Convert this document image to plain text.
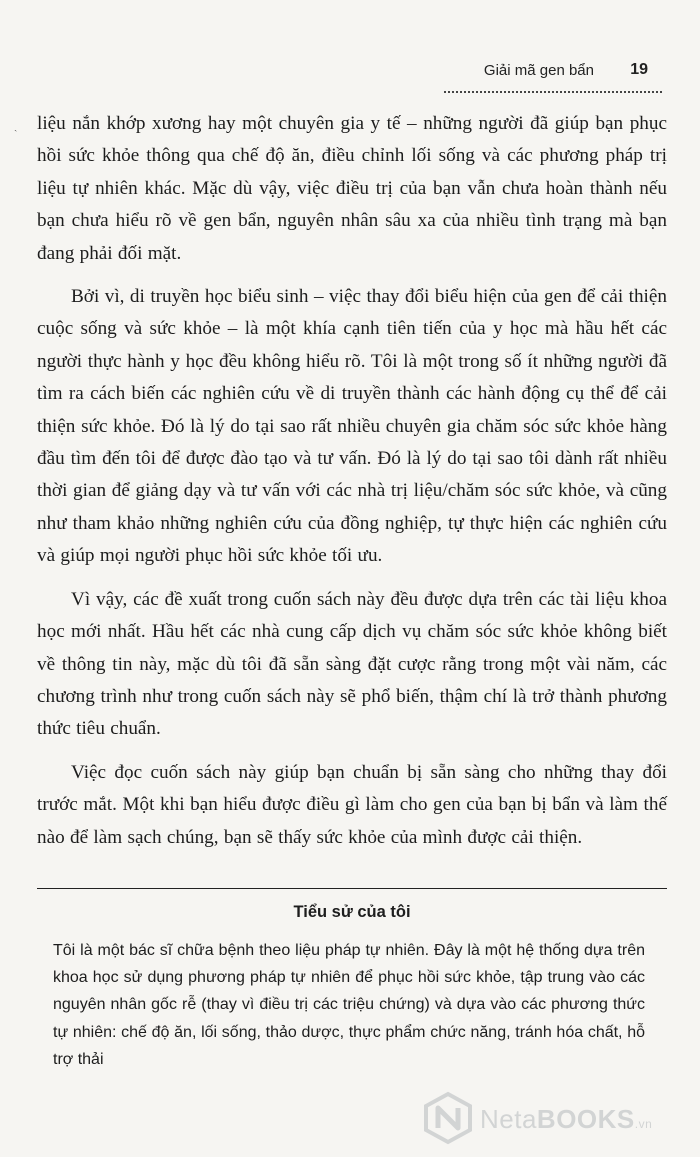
ˎ
Giải mã gen bẩn 19

liệu nắn khớp xương hay một chuyên gia y tế – những người đã giúp bạn phục hồi sức khỏe thông qua chế độ ăn, điều chỉnh lối sống và các phương pháp trị liệu tự nhiên khác. Mặc dù vậy, việc điều trị của bạn vẫn chưa hoàn thành nếu bạn chưa hiểu rõ về gen bẩn, nguyên nhân sâu xa của nhiều tình trạng mà bạn đang phải đối mặt.

Bởi vì, di truyền học biểu sinh – việc thay đổi biểu hiện của gen để cải thiện cuộc sống và sức khỏe – là một khía cạnh tiên tiến của y học mà hầu hết các người thực hành y học đều không hiểu rõ. Tôi là một trong số ít những người đã tìm ra cách biến các nghiên cứu về di truyền thành các hành động cụ thể để cải thiện sức khỏe. Đó là lý do tại sao rất nhiều chuyên gia chăm sóc sức khỏe hàng đầu tìm đến tôi để được đào tạo và tư vấn. Đó là lý do tại sao tôi dành rất nhiều thời gian để giảng dạy và tư vấn với các nhà trị liệu/chăm sóc sức khỏe, và cũng như tham khảo những nghiên cứu của đồng nghiệp, tự thực hiện các nghiên cứu và giúp mọi người phục hồi sức khỏe tối ưu.

Vì vậy, các đề xuất trong cuốn sách này đều được dựa trên các tài liệu khoa học mới nhất. Hầu hết các nhà cung cấp dịch vụ chăm sóc sức khỏe không biết về thông tin này, mặc dù tôi đã sẵn sàng đặt cược rằng trong một vài năm, các chương trình như trong cuốn sách này sẽ phổ biến, thậm chí là trở thành phương thức tiêu chuẩn.

Việc đọc cuốn sách này giúp bạn chuẩn bị sẵn sàng cho những thay đổi trước mắt. Một khi bạn hiểu được điều gì làm cho gen của bạn bị bẩn và làm thế nào để làm sạch chúng, bạn sẽ thấy sức khỏe của mình được cải thiện.

Tiểu sử của tôi

Tôi là một bác sĩ chữa bệnh theo liệu pháp tự nhiên. Đây là một hệ thống dựa trên khoa học sử dụng phương pháp tự nhiên để phục hồi sức khỏe, tập trung vào các nguyên nhân gốc rễ (thay vì điều trị các triệu chứng) và dựa vào các phương thức tự nhiên: chế độ ăn, lối sống, thảo dược, thực phẩm chức năng, tránh hóa chất, hỗ trợ thải

NetaBOOKS.vn
